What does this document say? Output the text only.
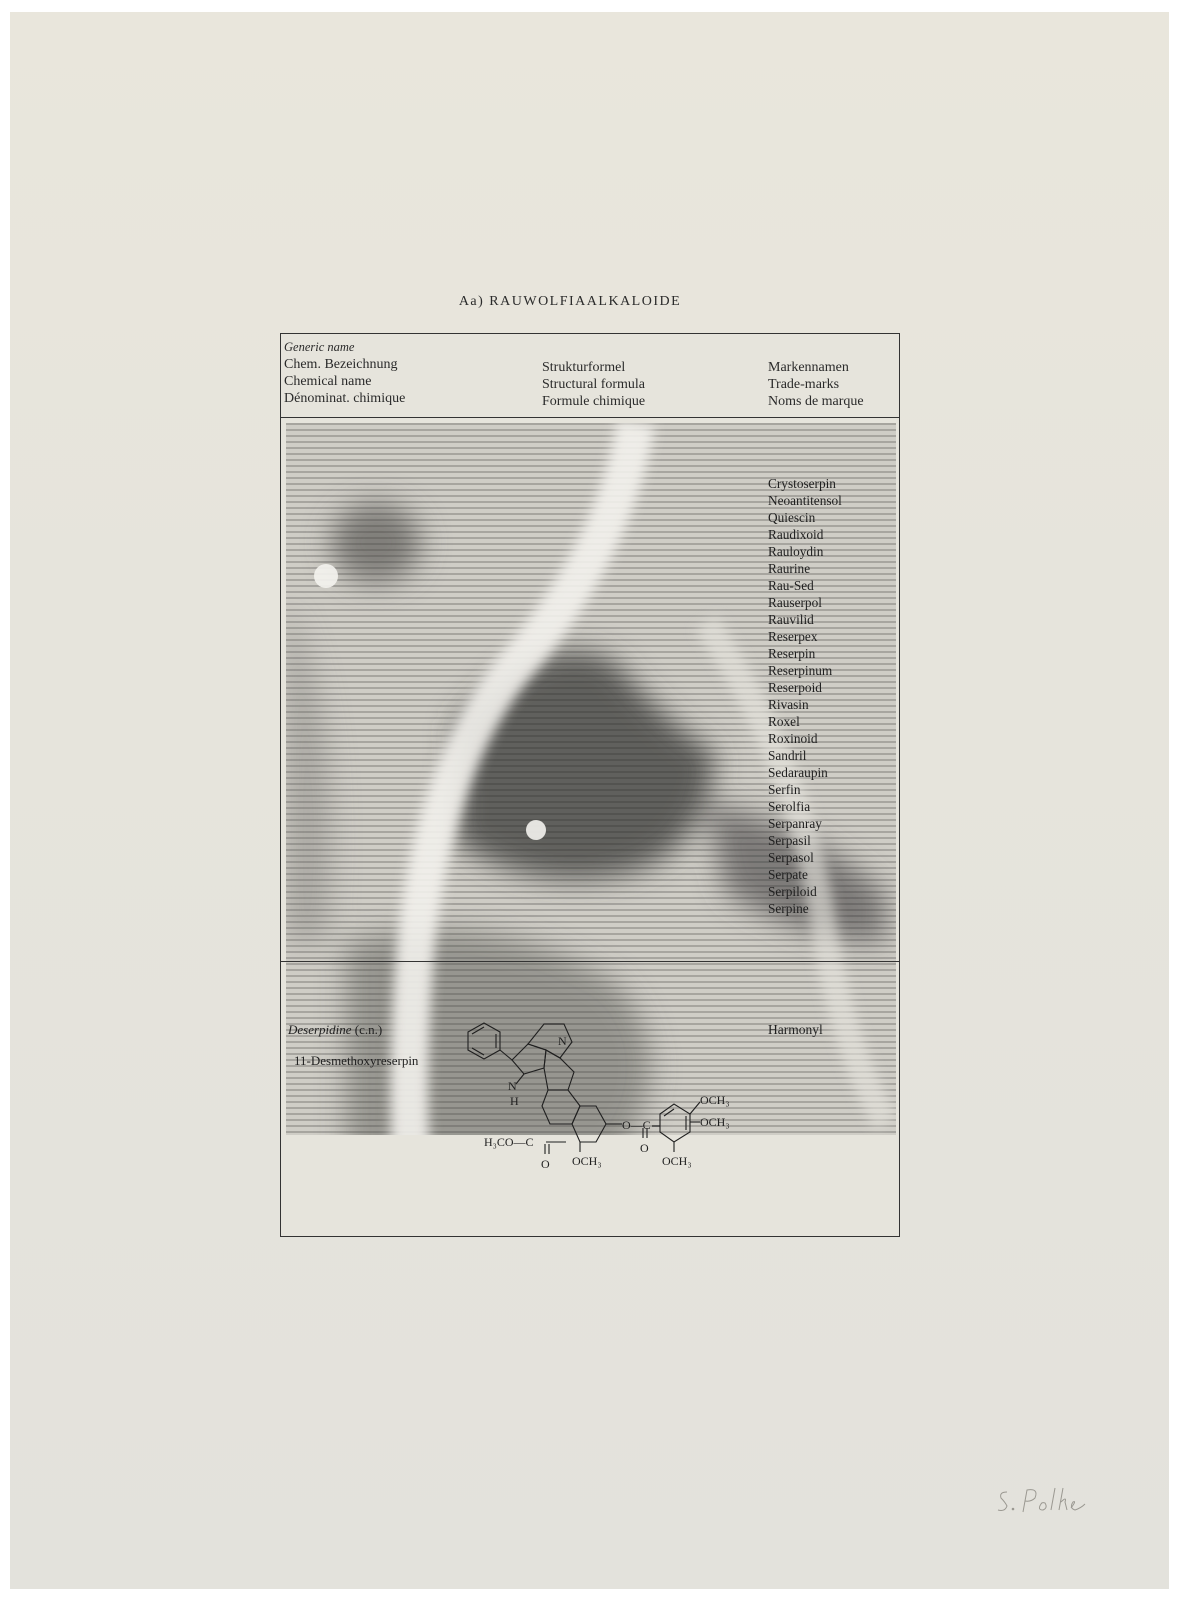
Aa) RAUWOLFIAALKALOIDE
Generic name
Chem. Bezeichnung
Chemical name
Dénominat. chimique
Strukturformel
Structural formula
Formule chimique
Markennamen
Trade-marks
Noms de marque
Crystoserpin
Neoantitensol
Quiescin
Raudixoid
Rauloydin
Raurine
Rau-Sed
Rauserpol
Rauvilid
Reserpex
Reserpin
Reserpinum
Reserpoid
Rivasin
Roxel
Roxinoid
Sandril
Sedaraupin
Serfin
Serolfia
Serpanray
Serpasil
Serpasol
Serpate
Serpiloid
Serpine
Deserpidine (c.n.)
11-Desmethoxyreserpin
Harmonyl
N
N
H
H₃CO—C
O
O—C
O
OCH₃	OCH₃
OCH₃
OCH₃
